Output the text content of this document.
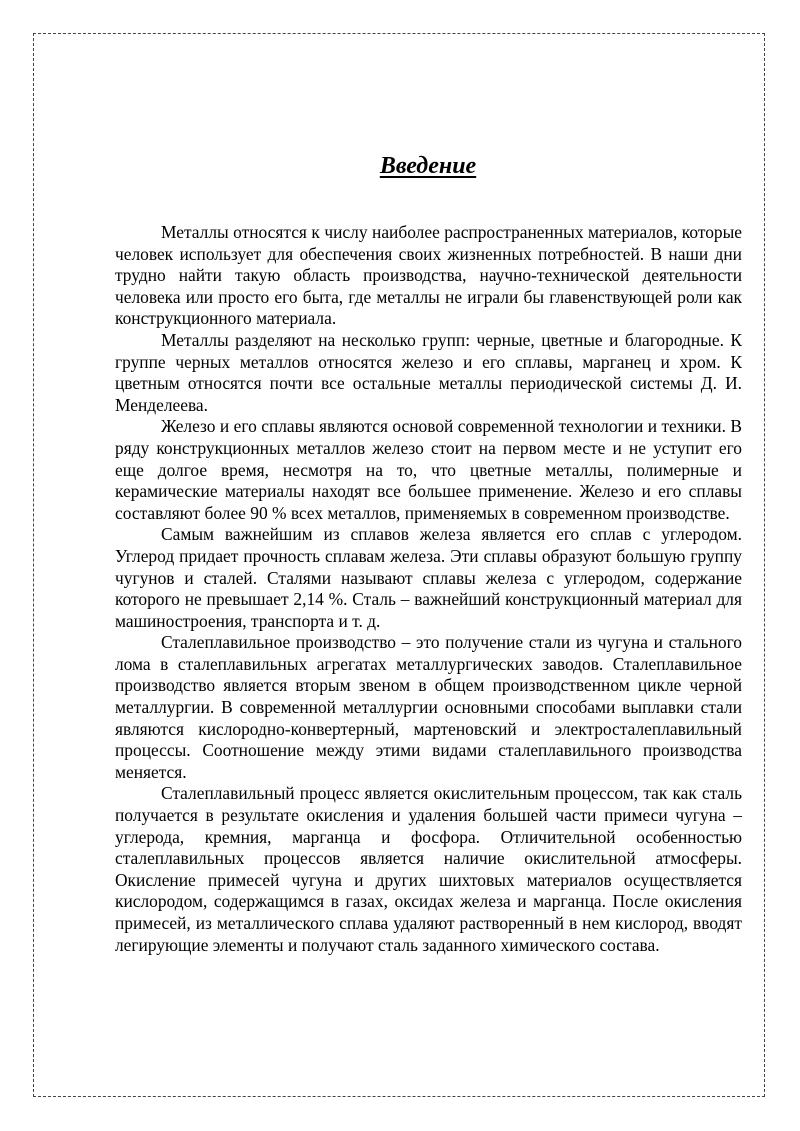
Введение

Металлы относятся к числу наиболее распространенных материалов, которые человек использует для обеспечения своих жизненных потребностей. В наши дни трудно найти такую область производства, научно-технической деятельности человека или просто его быта, где металлы не играли бы главенствующей роли как конструкционного материала.

Металлы разделяют на несколько групп: черные, цветные и благородные. К группе черных металлов относятся железо и его сплавы, марганец и хром. К цветным относятся почти все остальные металлы периодической системы Д. И. Менделеева.

Железо и его сплавы являются основой современной технологии и техники. В ряду конструкционных металлов железо стоит на первом месте и не уступит его еще долгое время, несмотря на то, что цветные металлы, полимерные и керамические материалы находят все большее применение. Железо и его сплавы составляют более 90 % всех металлов, применяемых в современном производстве.

Самым важнейшим из сплавов железа является его сплав с углеродом. Углерод придает прочность сплавам железа. Эти сплавы образуют большую группу чугунов и сталей. Сталями называют сплавы железа с углеродом, содержание которого не превышает 2,14 %. Сталь – важнейший конструкционный материал для машиностроения, транспорта и т. д.

Сталеплавильное производство – это получение стали из чугуна и стального лома в сталеплавильных агрегатах металлургических заводов. Сталеплавильное производство является вторым звеном в общем производственном цикле черной металлургии. В современной металлургии основными способами выплавки стали являются кислородно-конвертерный, мартеновский и электросталеплавильный процессы. Соотношение между этими видами сталеплавильного производства меняется.

Сталеплавильный процесс является окислительным процессом, так как сталь получается в результате окисления и удаления большей части примеси чугуна – углерода, кремния, марганца и фосфора. Отличительной особенностью сталеплавильных процессов является наличие окислительной атмосферы. Окисление примесей чугуна и других шихтовых материалов осуществляется кислородом, содержащимся в газах, оксидах железа и марганца. После окисления примесей, из металлического сплава удаляют растворенный в нем кислород, вводят легирующие элементы и получают сталь заданного химического состава.
